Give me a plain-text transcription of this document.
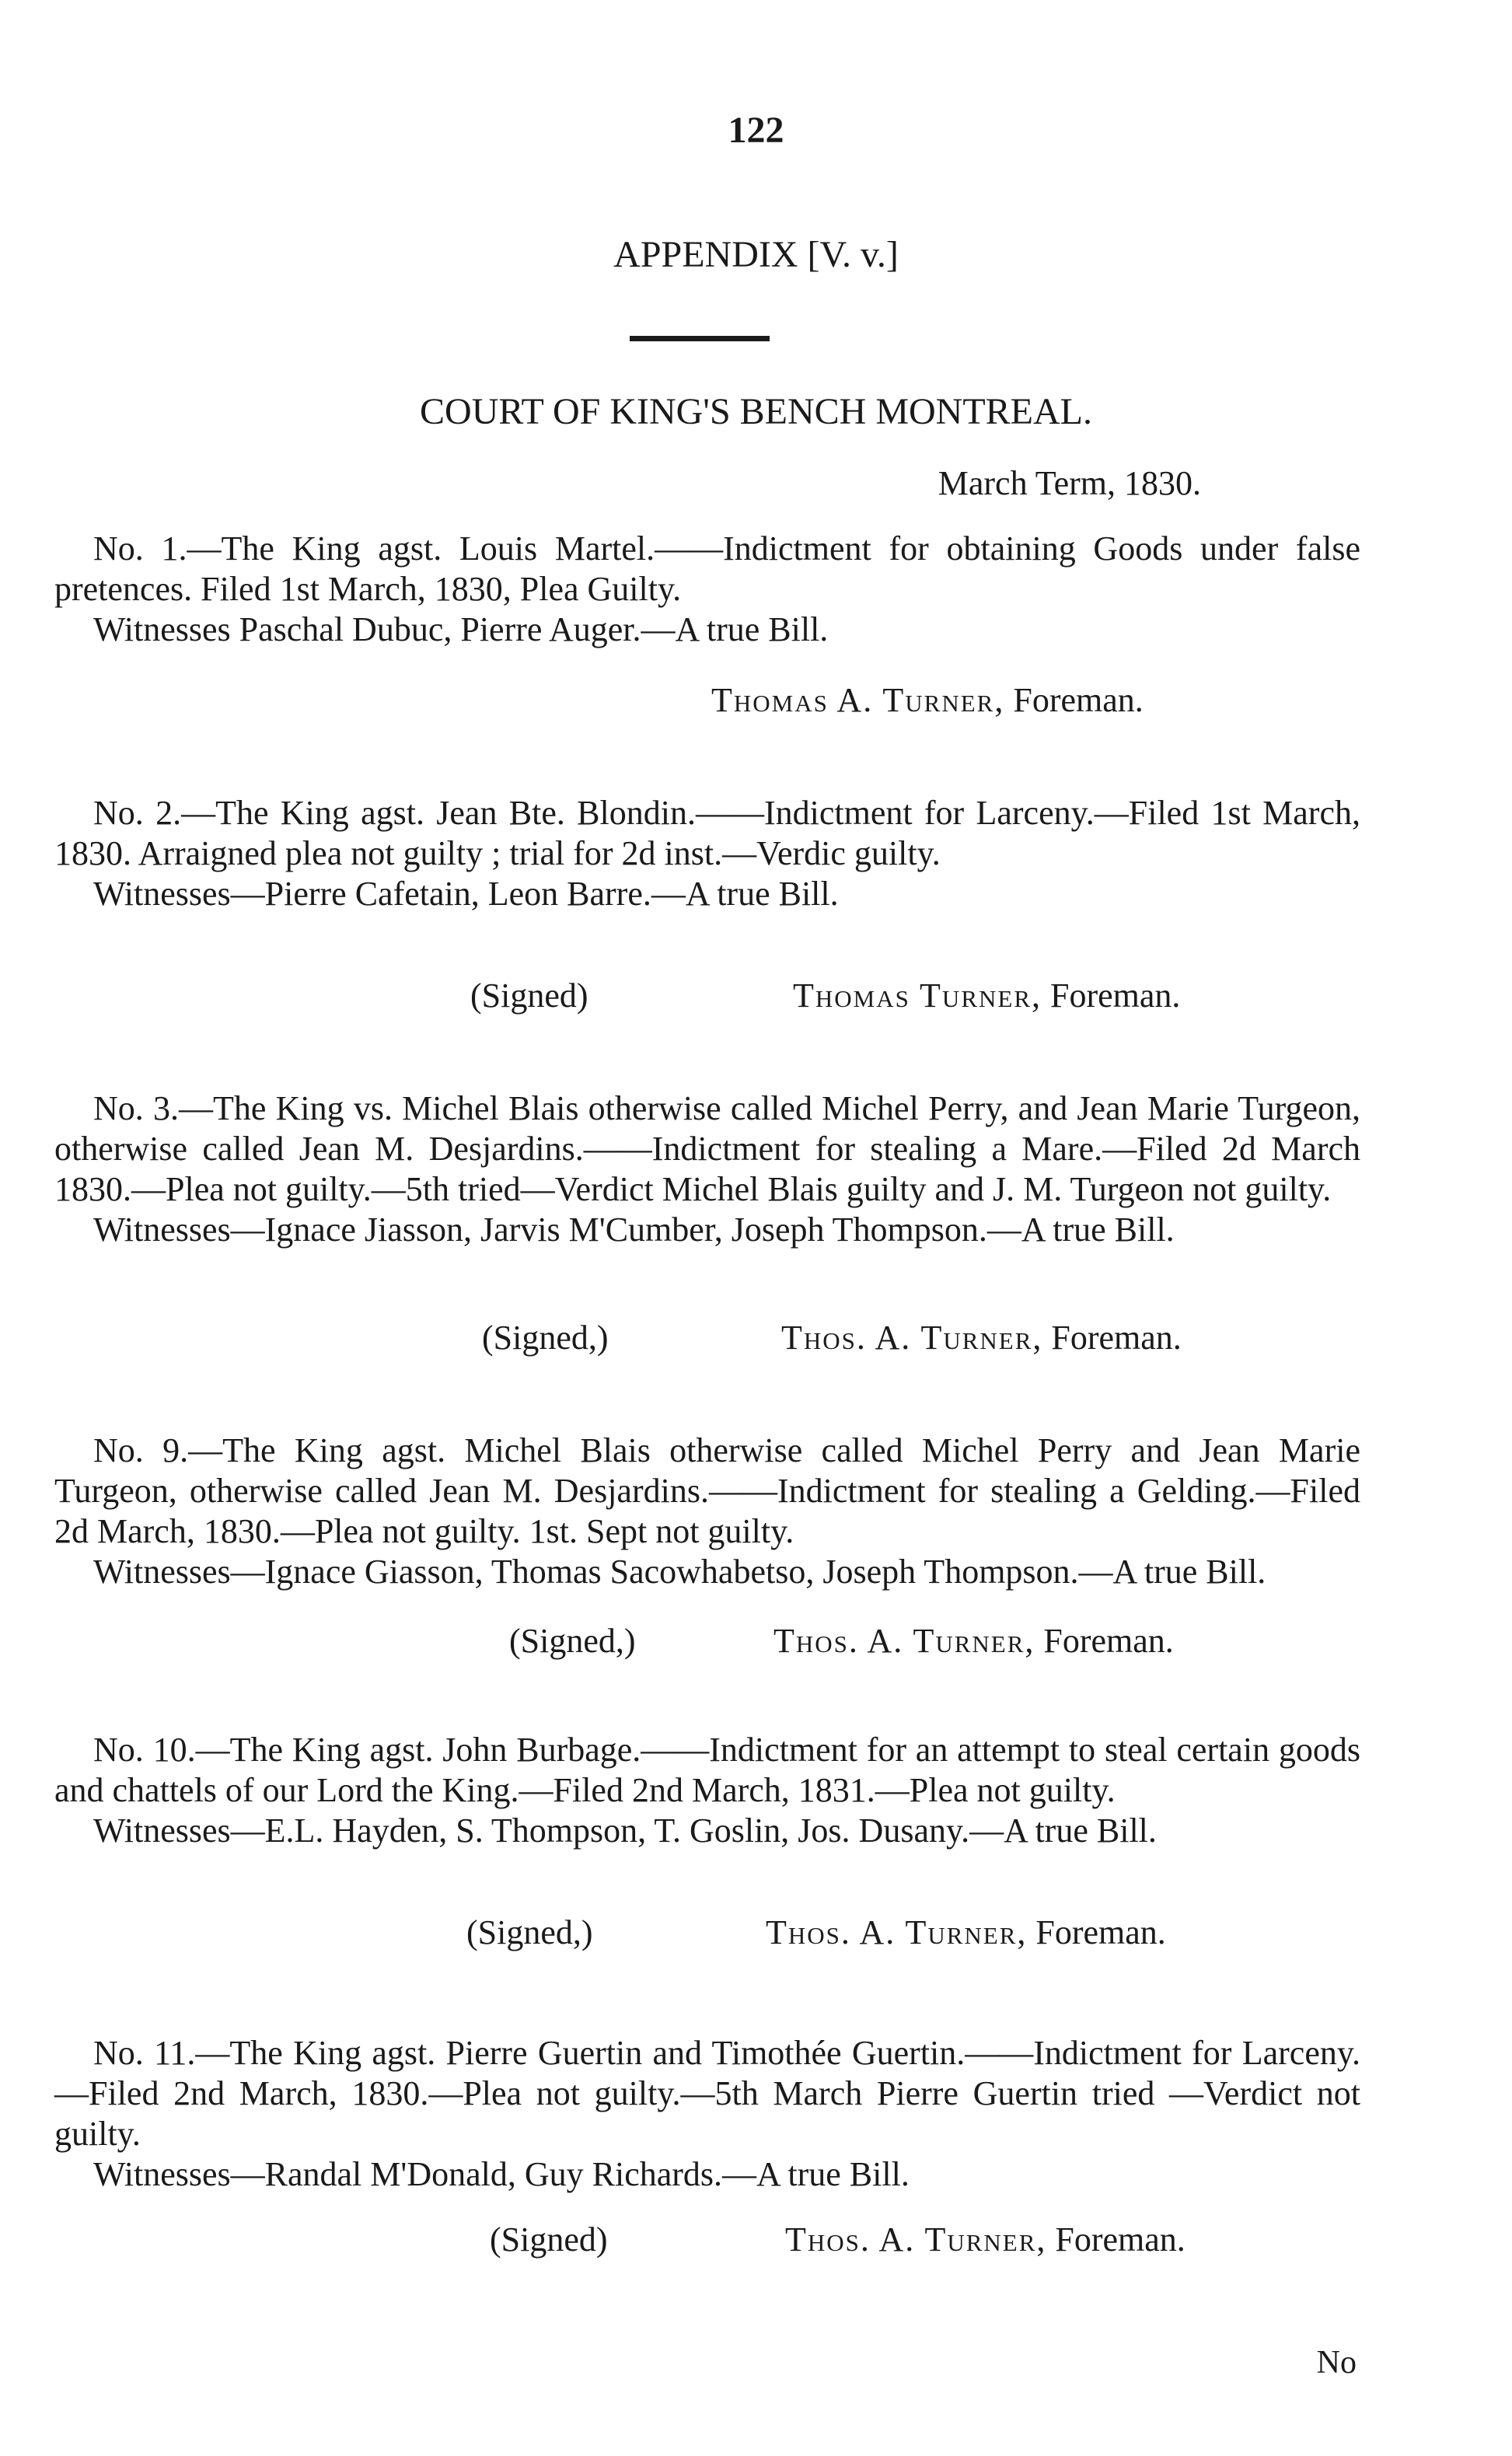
122

APPENDIX [V. v.]

COURT OF KING'S BENCH MONTREAL.

March Term, 1830.

No. 1.—The King agst. Louis Martel.——Indictment for obtaining Goods under false pretences. Filed 1st March, 1830, Plea Guilty.

Witnesses Paschal Dubuc, Pierre Auger.—A true Bill.

Thomas A. Turner, Foreman.

No. 2.—The King agst. Jean Bte. Blondin.——Indictment for Larceny.—Filed 1st March, 1830. Arraigned plea not guilty ; trial for 2d inst.—Verdic guilty.

Witnesses—Pierre Cafetain, Leon Barre.—A true Bill.

(Signed)	Thomas Turner, Foreman.

No. 3.—The King vs. Michel Blais otherwise called Michel Perry, and Jean Marie Turgeon, otherwise called Jean M. Desjardins.——Indictment for stealing a Mare.—Filed 2d March 1830.—Plea not guilty.—5th tried—Verdict Michel Blais guilty and J. M. Turgeon not guilty.

Witnesses—Ignace Jiasson, Jarvis M'Cumber, Joseph Thompson.—A true Bill.

(Signed,)	Thos. A. Turner, Foreman.

No. 9.—The King agst. Michel Blais otherwise called Michel Perry and Jean Marie Turgeon, otherwise called Jean M. Desjardins.——Indictment for stealing a Gelding.—Filed 2d March, 1830.—Plea not guilty. 1st. Sept not guilty.

Witnesses—Ignace Giasson, Thomas Sacowhabetso, Joseph Thompson.—A true Bill.

(Signed,)	Thos. A. Turner, Foreman.

No. 10.—The King agst. John Burbage.——Indictment for an attempt to steal certain goods and chattels of our Lord the King.—Filed 2nd March, 1831.—Plea not guilty.

Witnesses—E.L. Hayden, S. Thompson, T. Goslin, Jos. Dusany.—A true Bill.

(Signed,)	Thos. A. Turner, Foreman.

No. 11.—The King agst. Pierre Guertin and Timothée Guertin.——Indictment for Larceny.—Filed 2nd March, 1830.—Plea not guilty.—5th March Pierre Guertin tried —Verdict not guilty.

Witnesses—Randal M'Donald, Guy Richards.—A true Bill.

(Signed)	Thos. A. Turner, Foreman.

No
